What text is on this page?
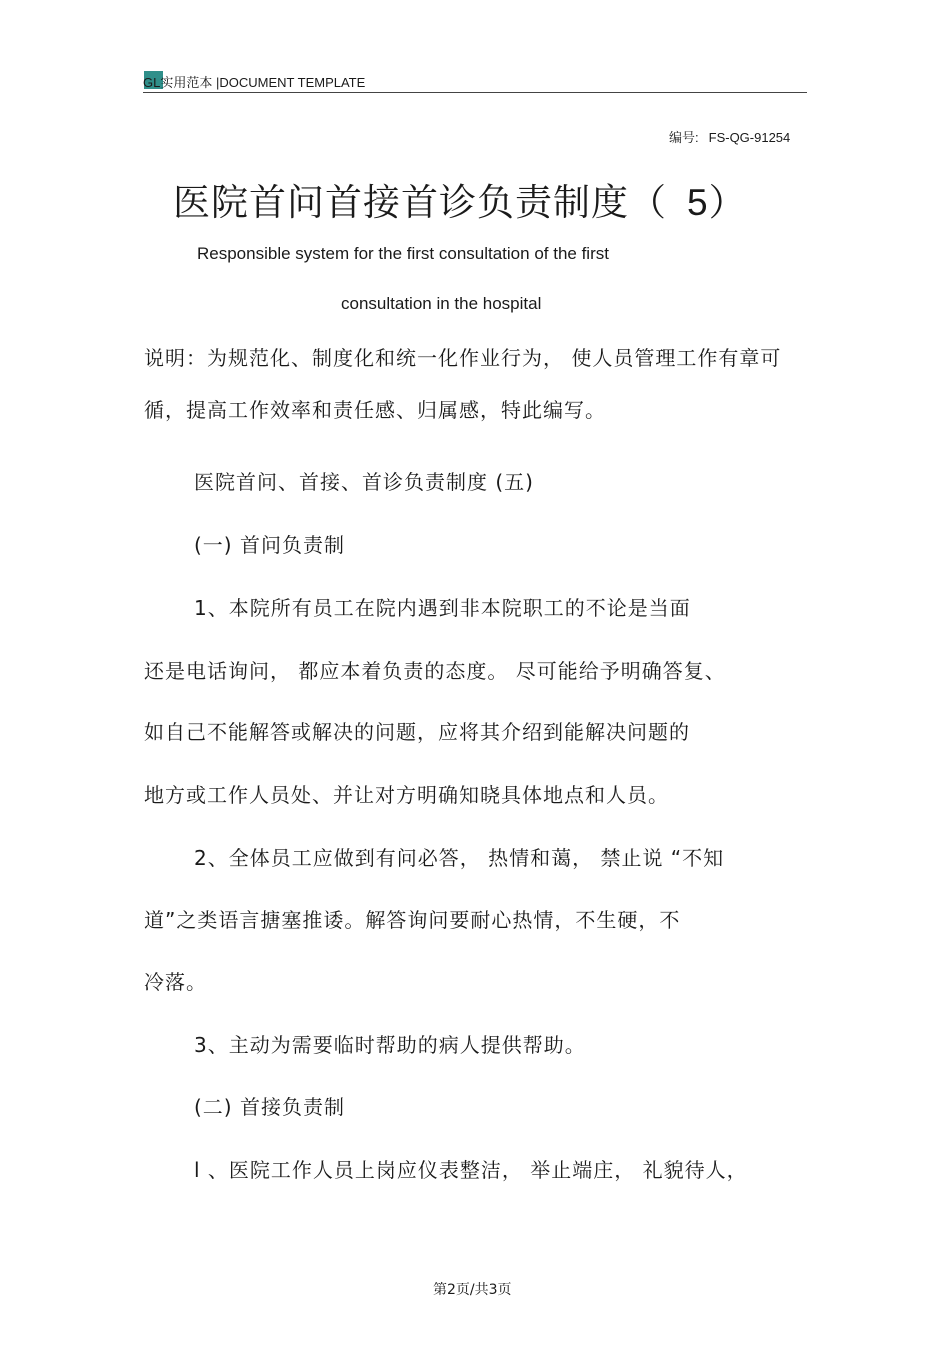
GL实用范本 |DOCUMENT TEMPLATE
编号: FS-QG-91254
医院首问首接首诊负责制度（ 5）
Responsible system for the first consultation of the first
consultation in the hospital
说明：为规范化、制度化和统一化作业行为， 使人员管理工作有章可
循，提高工作效率和责任感、归属感，特此编写。
医院首问、首接、首诊负责制度 (五)
(一) 首问负责制
1、本院所有员工在院内遇到非本院职工的不论是当面
还是电话询问， 都应本着负责的态度。 尽可能给予明确答复、
如自己不能解答或解决的问题，应将其介绍到能解决问题的
地方或工作人员处、并让对方明确知晓具体地点和人员。
2、全体员工应做到有问必答， 热情和蔼， 禁止说 “不知
道”之类语言搪塞推诿。解答询问要耐心热情，不生硬，不
冷落。
3、主动为需要临时帮助的病人提供帮助。
(二) 首接负责制
l 、医院工作人员上岗应仪表整洁， 举止端庄， 礼貌待人，
第2页/共3页
